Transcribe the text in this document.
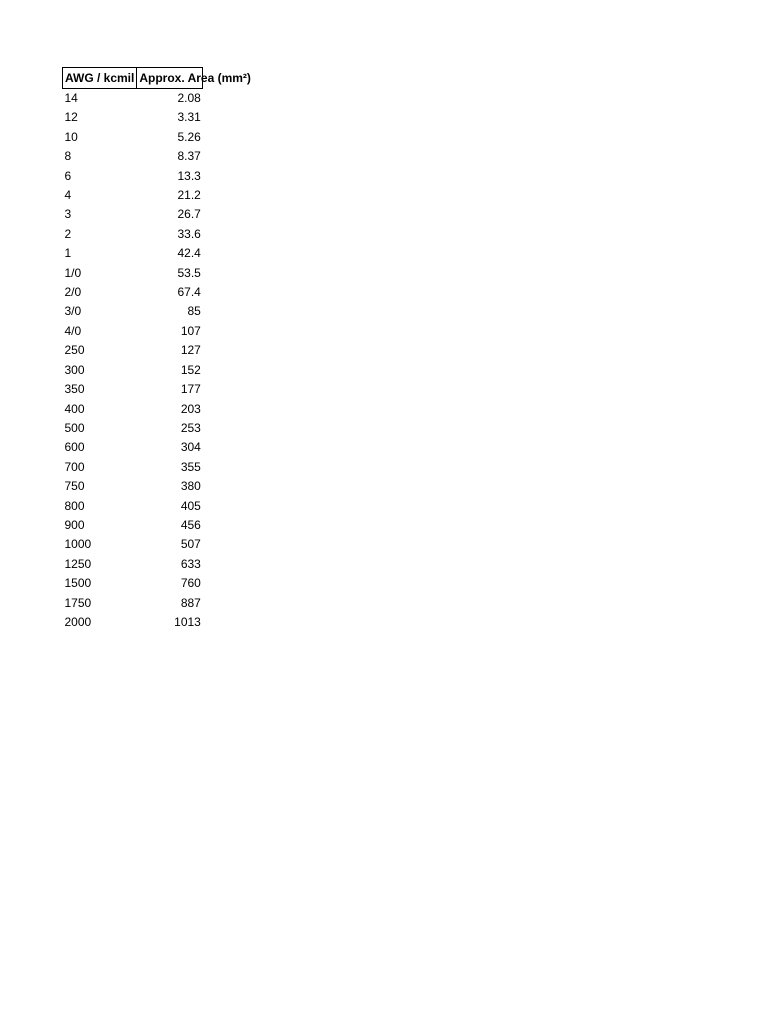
AWG / kcmil	Approx. Area (mm²)

14	2.08
12	3.31
10	5.26
8	8.37
6	13.3
4	21.2
3	26.7
2	33.6
1	42.4
1/0	53.5
2/0	67.4
3/0	85
4/0	107
250	127
300	152
350	177
400	203
500	253
600	304
700	355
750	380
800	405
900	456
1000	507
1250	633
1500	760
1750	887
2000	1013
